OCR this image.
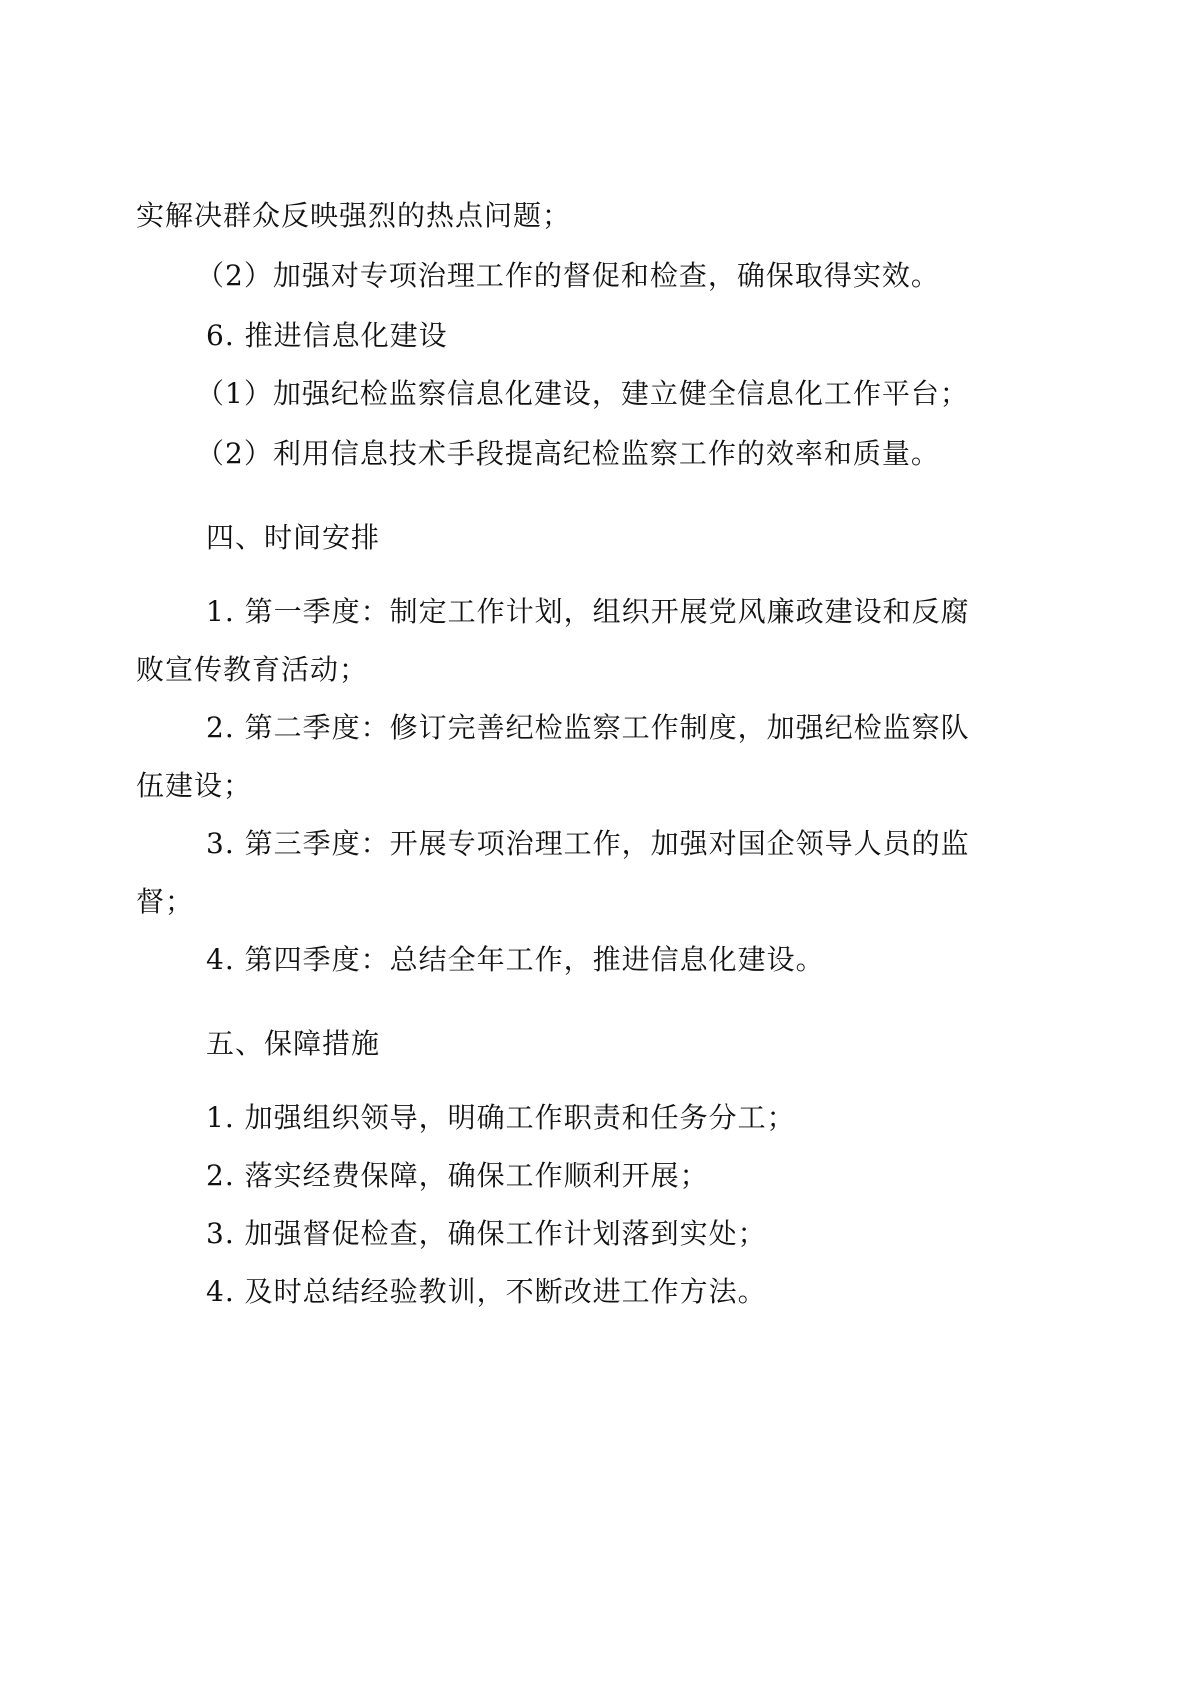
实解决群众反映强烈的热点问题；
（2）加强对专项治理工作的督促和检查，确保取得实效。
6. 推进信息化建设
（1）加强纪检监察信息化建设，建立健全信息化工作平台；
（2）利用信息技术手段提高纪检监察工作的效率和质量。
四、时间安排
1. 第一季度：制定工作计划，组织开展党风廉政建设和反腐
败宣传教育活动；
2. 第二季度：修订完善纪检监察工作制度，加强纪检监察队
伍建设；
3. 第三季度：开展专项治理工作，加强对国企领导人员的监
督；
4. 第四季度：总结全年工作，推进信息化建设。
五、保障措施
1. 加强组织领导，明确工作职责和任务分工；
2. 落实经费保障，确保工作顺利开展；
3. 加强督促检查，确保工作计划落到实处；
4. 及时总结经验教训，不断改进工作方法。
